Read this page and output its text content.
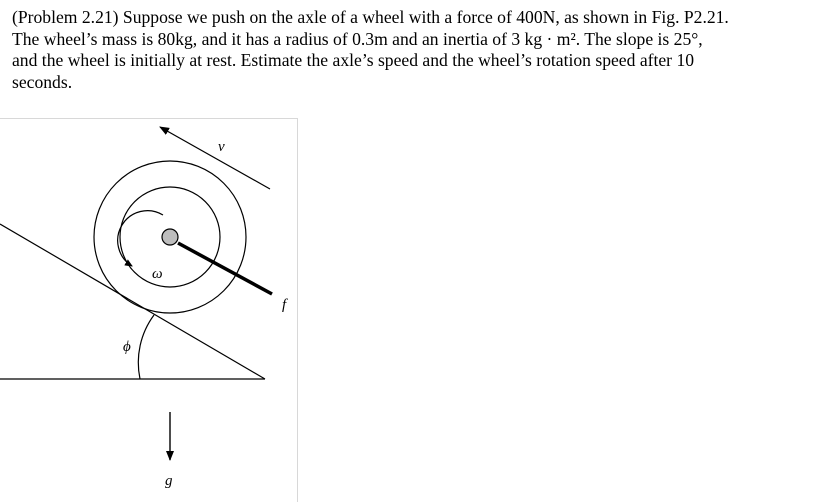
(Problem 2.21) Suppose we push on the axle of a wheel with a force of 400N, as shown in Fig. P2.21.
The wheel’s mass is 80kg, and it has a radius of 0.3m and an inertia of 3 kg · m². The slope is 25°,
and the wheel is initially at rest. Estimate the axle’s speed and the wheel’s rotation speed after 10
seconds.
v
ω
f
ϕ
g
